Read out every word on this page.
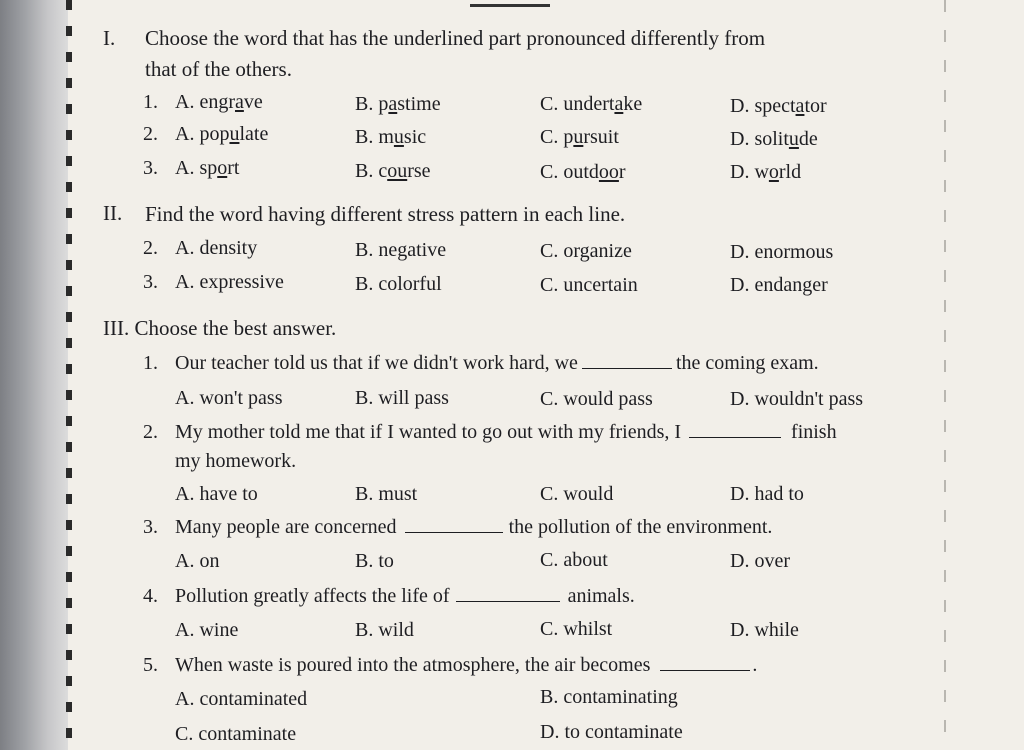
I. Choose the word that has the underlined part pronounced differently from
that of the others.
1. A. engrave	B. pastime	C. undertake	D. spectator
2. A. populate	B. music	C. pursuit	D. solitude
3. A. sport	B. course	C. outdoor	D. world
II. Find the word having different stress pattern in each line.
2. A. density	B. negative	C. organize	D. enormous
3. A. expressive	B. colorful	C. uncertain	D. endanger
III. Choose the best answer.
1. Our teacher told us that if we didn't work hard, we	the coming exam.
A. won't pass	B. will pass	C. would pass	D. wouldn't pass
2. My mother told me that if I wanted to go out with my friends, I	finish
my homework.
A. have to	B. must	C. would	D. had to
3. Many people are concerned	the pollution of the environment.
A. on	B. to	C. about	D. over
4. Pollution greatly affects the life of	animals.
A. wine	B. wild	C. whilst	D. while
5. When waste is poured into the atmosphere, the air becomes	.
A. contaminated	B. contaminating
C. contaminate	D. to contaminate
